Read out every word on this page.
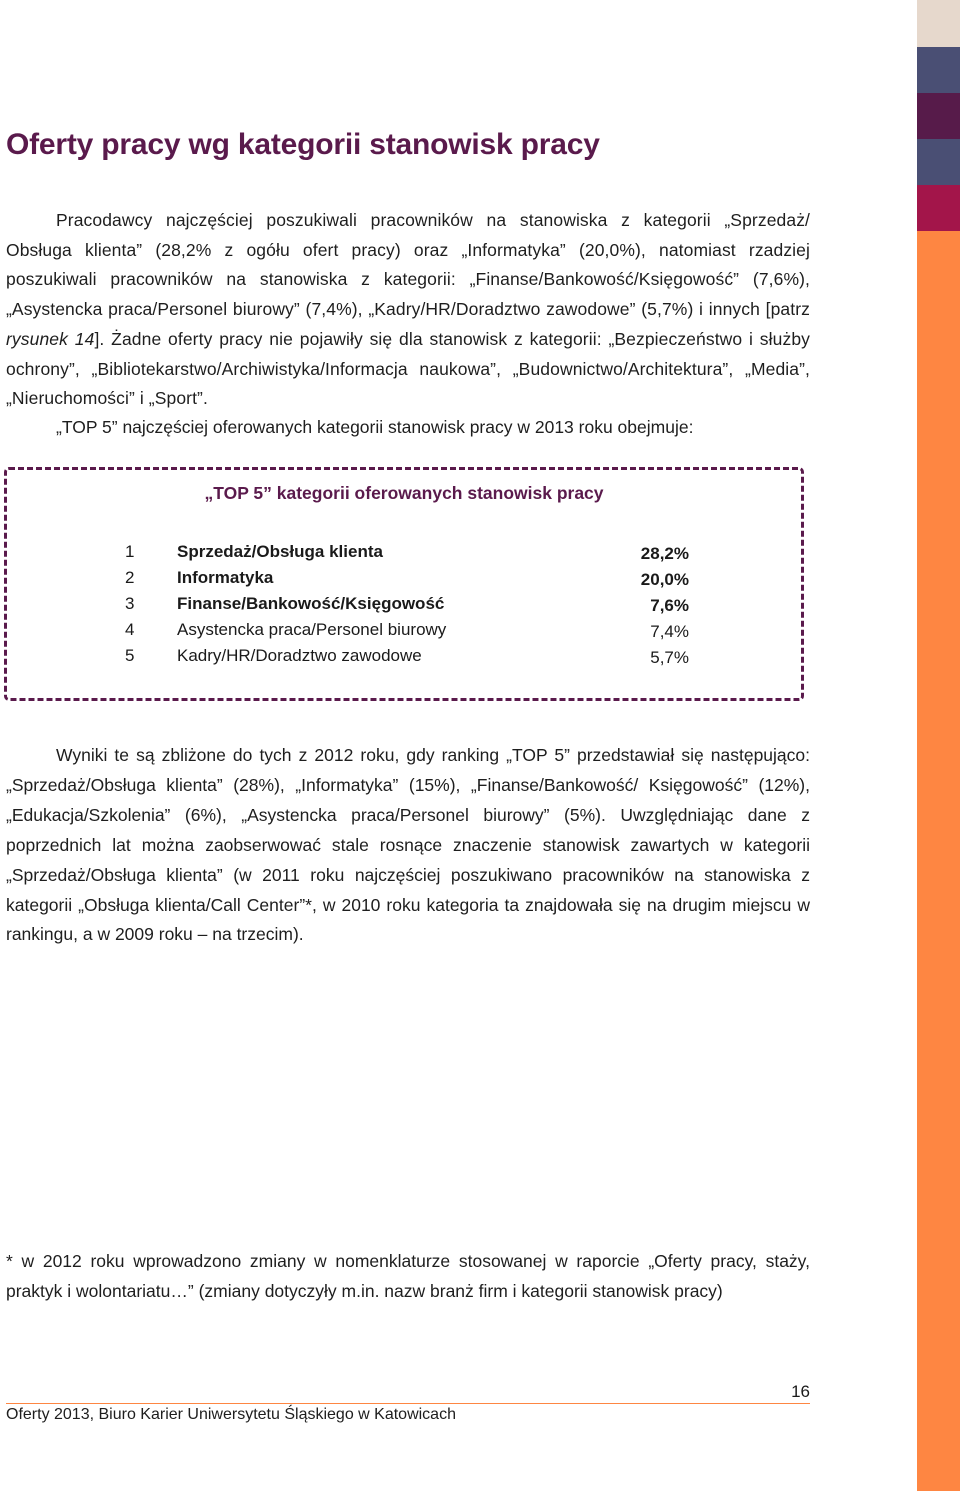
Oferty pracy wg kategorii stanowisk pracy

Pracodawcy najczęściej poszukiwali pracowników na stanowiska z kategorii „Sprzedaż/ Obsługa klienta” (28,2% z ogółu ofert pracy) oraz „Informatyka” (20,0%), natomiast rzadziej poszukiwali pracowników na stanowiska z kategorii: „Finanse/Bankowość/Księgowość” (7,6%), „Asystencka praca/Personel biurowy” (7,4%), „Kadry/HR/Doradztwo zawodowe” (5,7%) i innych [patrz rysunek 14]. Żadne oferty pracy nie pojawiły się dla stanowisk z kategorii: „Bezpieczeństwo i służby ochrony”, „Bibliotekarstwo/Archiwistyka/Informacja naukowa”, „Budownictwo/Architektura”, „Media”, „Nieruchomości” i „Sport”.

„TOP 5” najczęściej oferowanych kategorii stanowisk pracy w 2013 roku obejmuje:

„TOP 5” kategorii oferowanych stanowisk pracy
1	Sprzedaż/Obsługa klienta	28,2%
2	Informatyka	20,0%
3	Finanse/Bankowość/Księgowość	7,6%
4	Asystencka praca/Personel biurowy	7,4%
5	Kadry/HR/Doradztwo zawodowe	5,7%

Wyniki te są zbliżone do tych z 2012 roku, gdy ranking „TOP 5” przedstawiał się następująco: „Sprzedaż/Obsługa klienta” (28%), „Informatyka” (15%), „Finanse/Bankowość/ Księgowość” (12%), „Edukacja/Szkolenia” (6%), „Asystencka praca/Personel biurowy” (5%). Uwzględniając dane z poprzednich lat można zaobserwować stale rosnące znaczenie stanowisk zawartych w kategorii „Sprzedaż/Obsługa klienta” (w 2011 roku najczęściej poszukiwano pracowników na stanowiska z kategorii „Obsługa klienta/Call Center”*, w 2010 roku kategoria ta znajdowała się na drugim miejscu w rankingu, a w 2009 roku – na trzecim).

* w 2012 roku wprowadzono zmiany w nomenklaturze stosowanej w raporcie „Oferty pracy, staży, praktyk i wolontariatu…” (zmiany dotyczyły m.in. nazw branż firm i kategorii stanowisk pracy)

16
Oferty 2013, Biuro Karier Uniwersytetu Śląskiego w Katowicach
